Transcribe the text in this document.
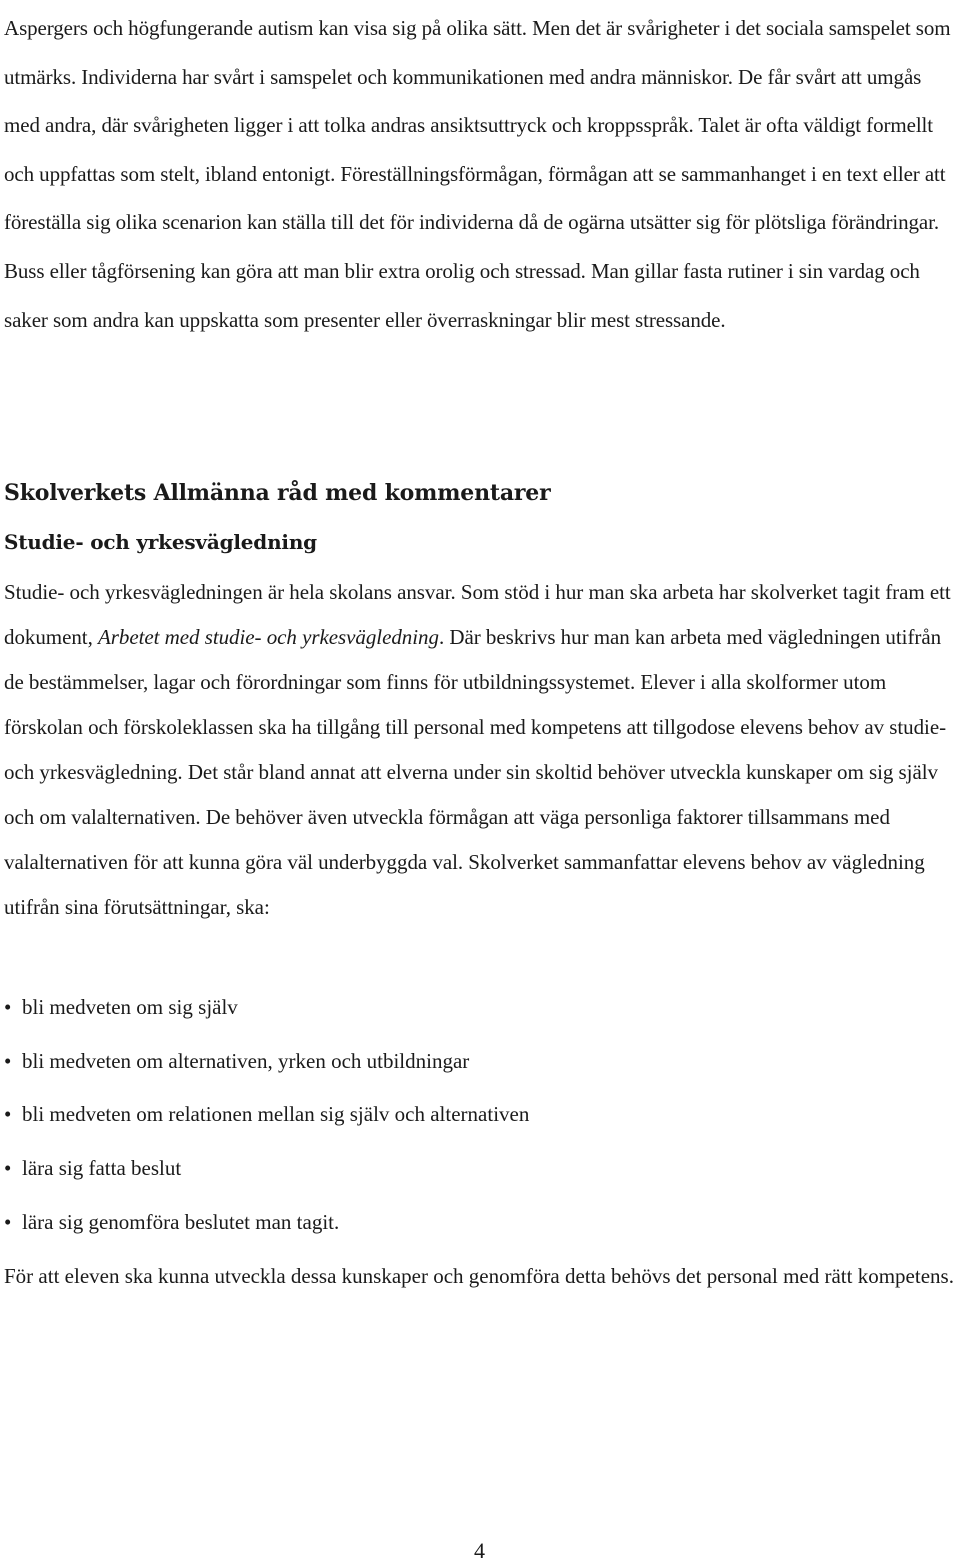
Aspergers och högfungerande autism kan visa sig på olika sätt. Men det är svårigheter i det sociala samspelet som utmärks. Individerna har svårt i samspelet och kommunikationen med andra människor. De får svårt att umgås med andra, där svårigheten ligger i att tolka andras ansiktsuttryck och kroppsspråk. Talet är ofta väldigt formellt och uppfattas som stelt, ibland entonigt. Föreställningsförmågan, förmågan att se sammanhanget i en text eller att föreställa sig olika scenarion kan ställa till det för individerna då de ogärna utsätter sig för plötsliga förändringar. Buss eller tågförsening kan göra att man blir extra orolig och stressad. Man gillar fasta rutiner i sin vardag och saker som andra kan uppskatta som presenter eller överraskningar blir mest stressande.

Skolverkets Allmänna råd med kommentarer
Studie- och yrkesvägledning

Studie- och yrkesvägledningen är hela skolans ansvar. Som stöd i hur man ska arbeta har skolverket tagit fram ett dokument, Arbetet med studie- och yrkesvägledning. Där beskrivs hur man kan arbeta med vägledningen utifrån de bestämmelser, lagar och förordningar som finns för utbildningssystemet. Elever i alla skolformer utom förskolan och förskoleklassen ska ha tillgång till personal med kompetens att tillgodose elevens behov av studie- och yrkesvägledning. Det står bland annat att elverna under sin skoltid behöver utveckla kunskaper om sig själv och om valalternativen. De behöver även utveckla förmågan att väga personliga faktorer tillsammans med valalternativen för att kunna göra väl underbyggda val. Skolverket sammanfattar elevens behov av vägledning utifrån sina förutsättningar, ska:

• bli medveten om sig själv
• bli medveten om alternativen, yrken och utbildningar
• bli medveten om relationen mellan sig själv och alternativen
• lära sig fatta beslut
• lära sig genomföra beslutet man tagit.

För att eleven ska kunna utveckla dessa kunskaper och genomföra detta behövs det personal med rätt kompetens.

4
